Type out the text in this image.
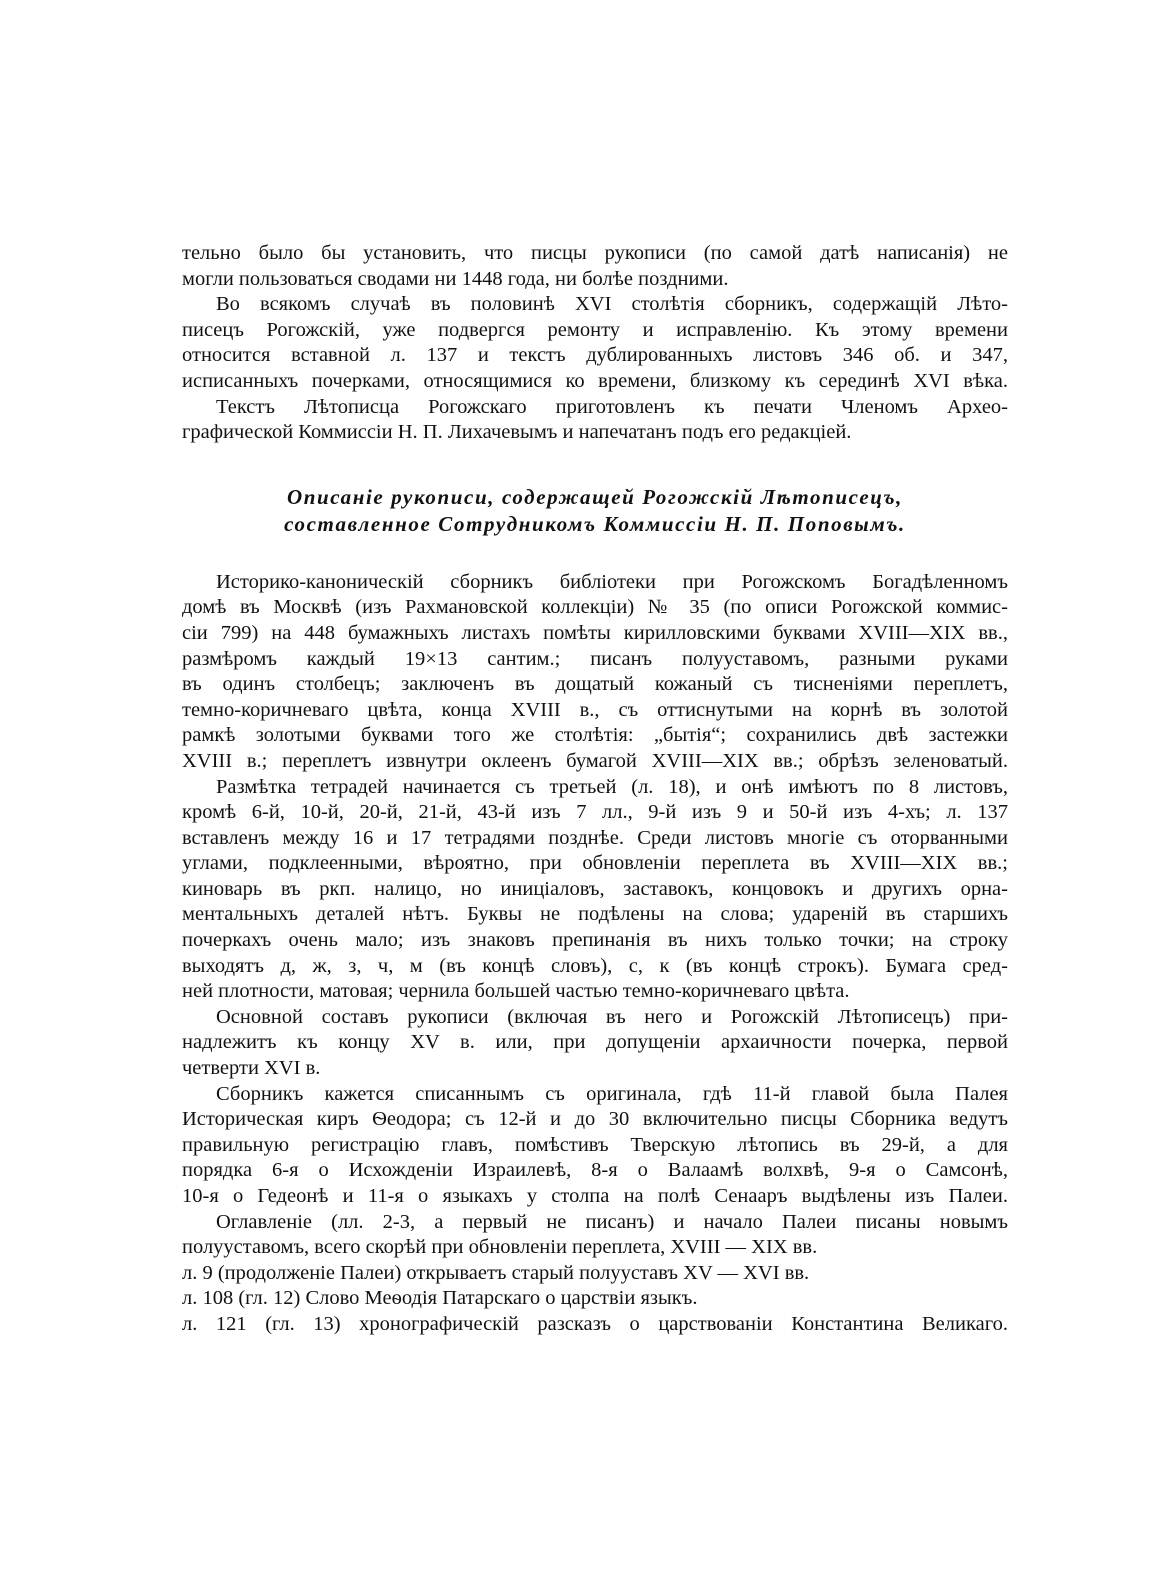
тельно было бы установить, что писцы рукописи (по самой датѣ написанія) не
могли пользоваться сводами ни 1448 года, ни болѣе поздними.
Во всякомъ случаѣ въ половинѣ XVI столѣтія сборникъ, содержащій Лѣто-
писецъ Рогожскій, уже подвергся ремонту и исправленію. Къ этому времени
относится вставной л. 137 и текстъ дублированныхъ листовъ 346 об. и 347,
исписанныхъ почерками, относящимися ко времени, близкому къ серединѣ XVI вѣка.
Текстъ Лѣтописца Рогожскаго приготовленъ къ печати Членомъ Археo-
графической Коммиссіи Н. П. Лихачевымъ и напечатанъ подъ его редакціей.
Описаніе рукописи, содержащей Рогожскій Лѣтописецъ,
составленное Сотрудникомъ Коммиссіи Н. П. Поповымъ.
Историко-каноническій сборникъ библіотеки при Рогожскомъ Богадѣленномъ
домѣ въ Москвѣ (изъ Рахмановской коллекціи) № 35 (по описи Рогожской коммис-
сіи 799) на 448 бумажныхъ листахъ помѣты кирилловскими буквами XVIII—XIX вв.,
размѣромъ каждый 19×13 сантим.; писанъ полууставомъ, разными руками
въ одинъ столбецъ; заключенъ въ дощатый кожаный съ тисненіями переплетъ,
темно-коричневаго цвѣта, конца XVIII в., съ оттиснутыми на корнѣ въ золотой
рамкѣ золотыми буквами того же столѣтія: „бытія“; сохранились двѣ застежки
XVIII в.; переплетъ извнутри оклеенъ бумагой XVIII—XIX вв.; обрѣзъ зеленоватый.
Размѣтка тетрадей начинается съ третьей (л. 18), и онѣ имѣютъ по 8 листовъ,
кромѣ 6-й, 10-й, 20-й, 21-й, 43-й изъ 7 лл., 9-й изъ 9 и 50-й изъ 4-хъ; л. 137
вставленъ между 16 и 17 тетрадями позднѣе. Среди листовъ многіе съ оторванными
углами, подклеенными, вѣроятно, при обновленіи переплета въ XVIII—XIX вв.;
киноварь въ ркп. налицо, но иниціаловъ, заставокъ, концовокъ и другихъ орна-
ментальныхъ деталей нѣтъ. Буквы не подѣлены на слова; удареній въ старшихъ
почеркахъ очень мало; изъ знаковъ препинанія въ нихъ только точки; на строку
выходятъ д, ж, з, ч, м (въ концѣ словъ), с, к (въ концѣ строкъ). Бумага сред-
ней плотности, матовая; чернила большей частью темно-коричневаго цвѣта.
Основной составъ рукописи (включая въ него и Рогожскій Лѣтописецъ) при-
надлежитъ къ концу XV в. или, при допущеніи архаичности почерка, первой
четверти XVI в.
Сборникъ кажется списаннымъ съ оригинала, гдѣ 11-й главой была Палея
Историческая киръ Ѳеодора; съ 12-й и до 30 включительно писцы Сборника ведутъ
правильную регистрацію главъ, помѣстивъ Тверскую лѣтопись въ 29-й, а для
порядка 6-я о Исхожденіи Израилевѣ, 8-я о Валаамѣ волхвѣ, 9-я о Самсонѣ,
10-я о Гедеонѣ и 11-я о языкахъ у столпа на полѣ Сенааръ выдѣлены изъ Палеи.
Оглавленіе (лл. 2-3, а первый не писанъ) и начало Палеи писаны новымъ
полууставомъ, всего скорѣй при обновленіи переплета, XVIII — XIX вв.
л. 9 (продолженіе Палеи) открываетъ старый полууставъ XV — XVI вв.
л. 108 (гл. 12) Слово Меѳодія Патарскаго о царствіи языкъ.
л. 121 (гл. 13) хронографическій разсказъ о царствованіи Константина Великаго.
